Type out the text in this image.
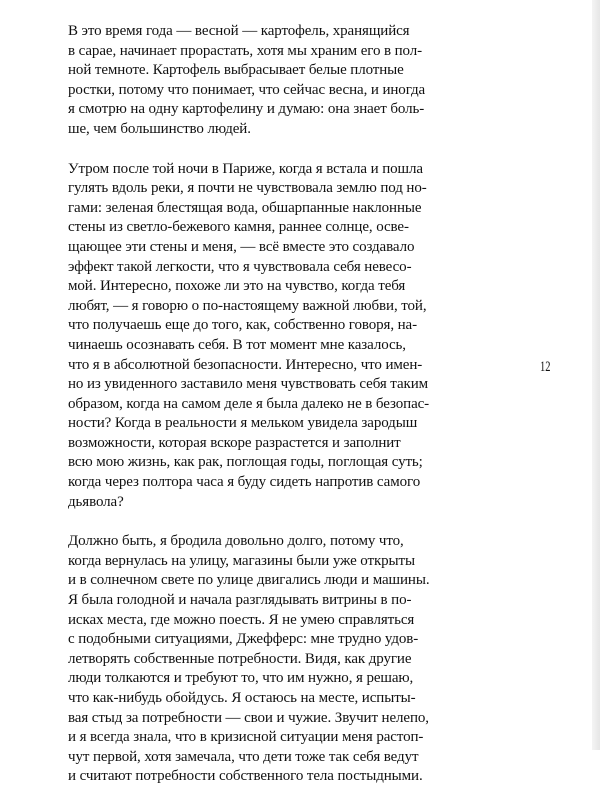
В это время года — весной — картофель, хранящийся
в сарае, начинает прорастать, хотя мы храним его в пол-
ной темноте. Картофель выбрасывает белые плотные
ростки, потому что понимает, что сейчас весна, и иногда
я смотрю на одну картофелину и думаю: она знает боль-
ше, чем большинство людей.
Утром после той ночи в Париже, когда я встала и пошла
гулять вдоль реки, я почти не чувствовала землю под но-
гами: зеленая блестящая вода, обшарпанные наклонные
стены из светло-бежевого камня, раннее солнце, осве-
щающее эти стены и меня, — всё вместе это создавало
эффект такой легкости, что я чувствовала себя невесо-
мой. Интересно, похоже ли это на чувство, когда тебя
любят, — я говорю о по-настоящему важной любви, той,
что получаешь еще до того, как, собственно говоря, на-
чинаешь осознавать себя. В тот момент мне казалось,
что я в абсолютной безопасности. Интересно, что имен-
но из увиденного заставило меня чувствовать себя таким
образом, когда на самом деле я была далеко не в безопас-
ности? Когда в реальности я мельком увидела зародыш
возможности, которая вскоре разрастется и заполнит
всю мою жизнь, как рак, поглощая годы, поглощая суть;
когда через полтора часа я буду сидеть напротив самого
дьявола?
Должно быть, я бродила довольно долго, потому что,
когда вернулась на улицу, магазины были уже открыты
и в солнечном свете по улице двигались люди и машины.
Я была голодной и начала разглядывать витрины в по-
исках места, где можно поесть. Я не умею справляться
с подобными ситуациями, Джефферс: мне трудно удов-
летворять собственные потребности. Видя, как другие
люди толкаются и требуют то, что им нужно, я решаю,
что как-нибудь обойдусь. Я остаюсь на месте, испыты-
вая стыд за потребности — свои и чужие. Звучит нелепо,
и я всегда знала, что в кризисной ситуации меня растоп-
чут первой, хотя замечала, что дети тоже так себя ведут
и считают потребности собственного тела постыдными.
12
